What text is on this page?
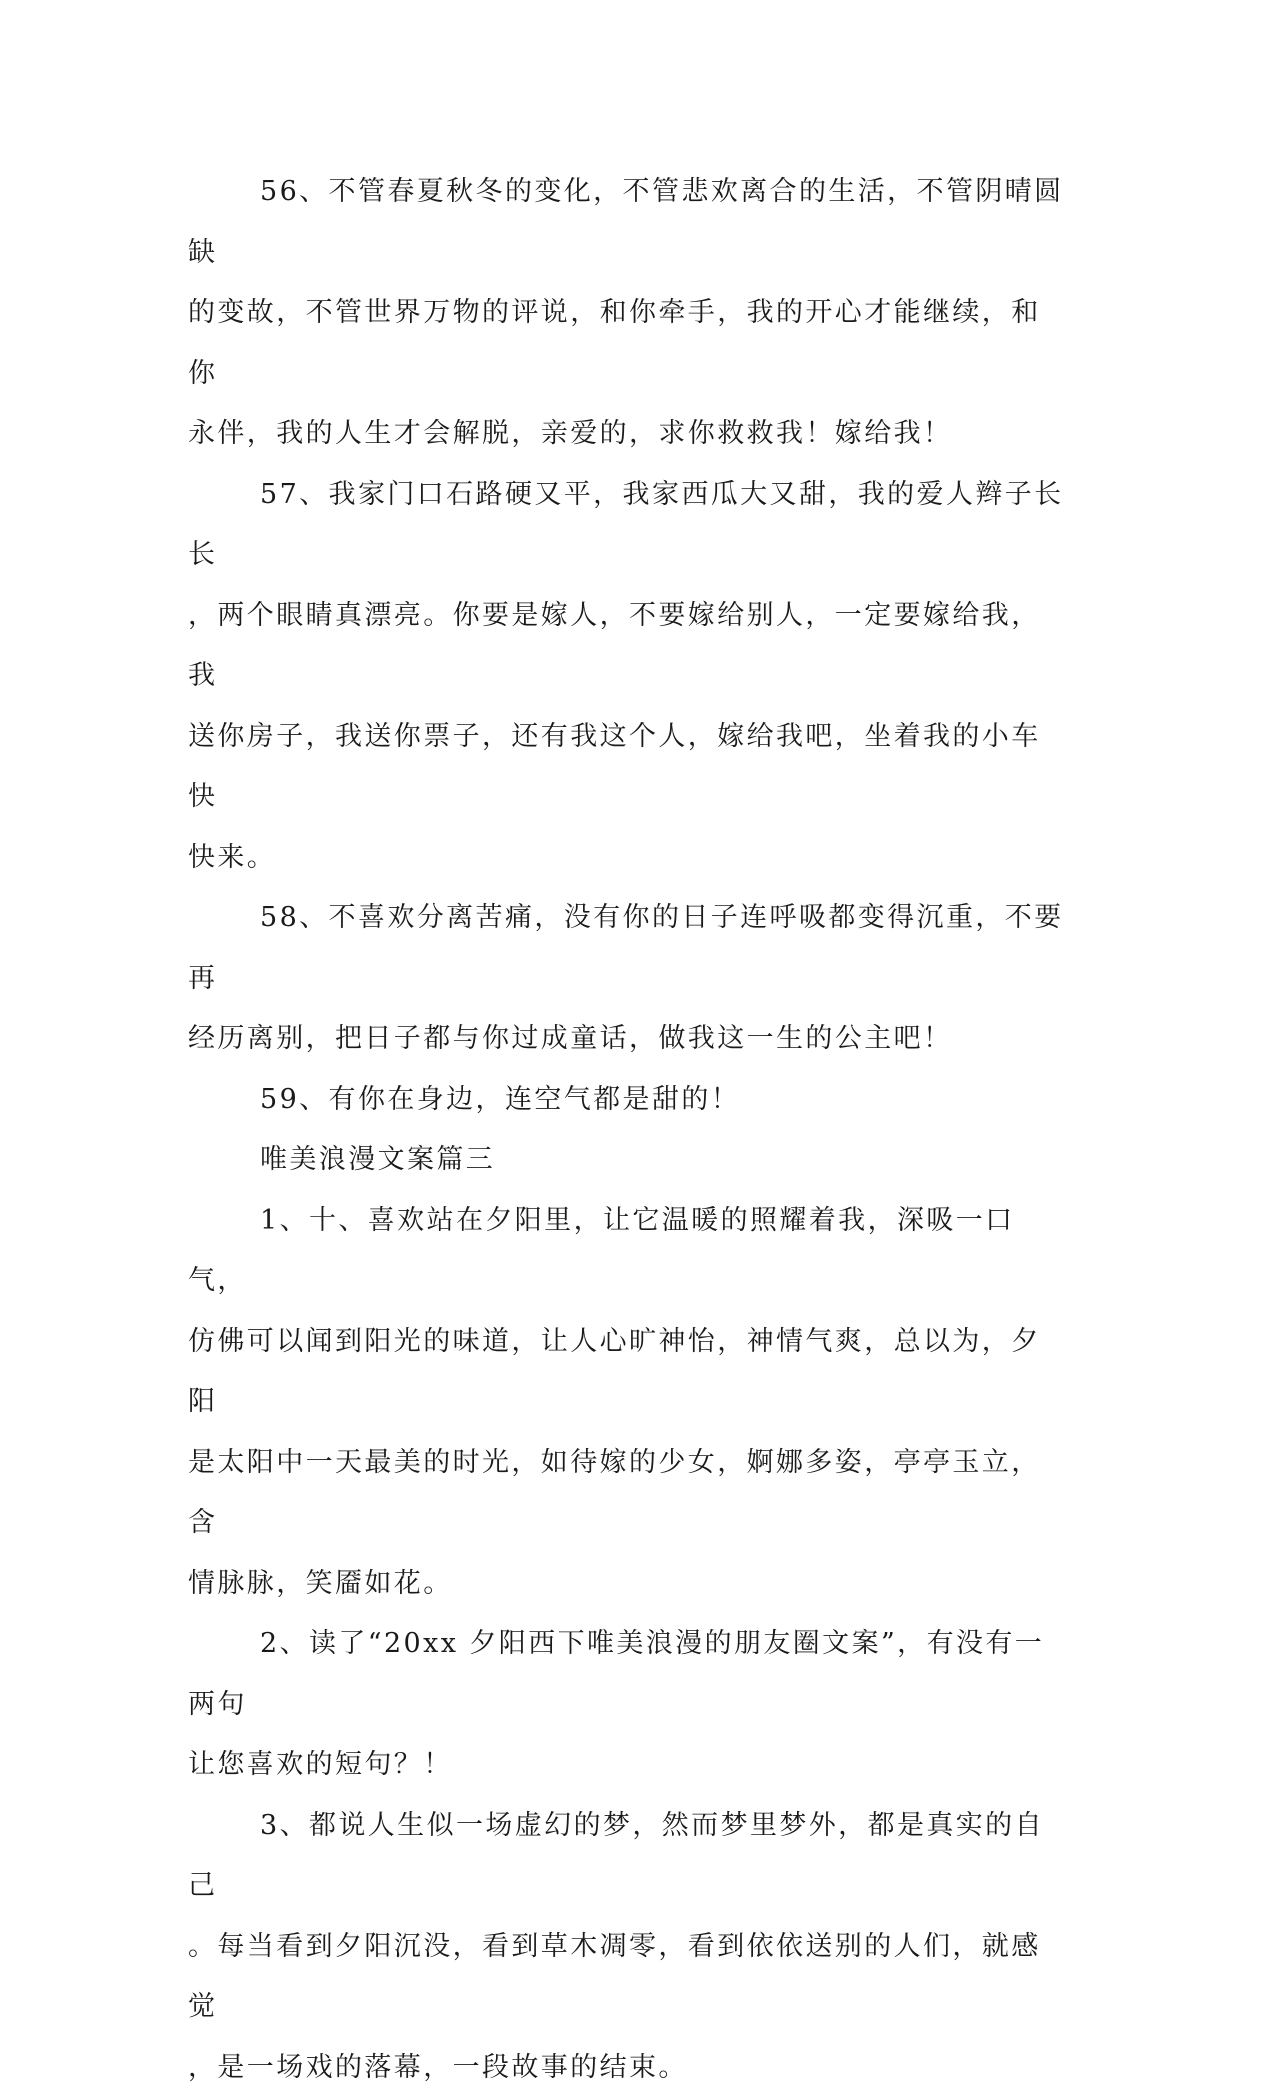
56、不管春夏秋冬的变化，不管悲欢离合的生活，不管阴晴圆缺
的变故，不管世界万物的评说，和你牵手，我的开心才能继续，和你
永伴，我的人生才会解脱，亲爱的，求你救救我！嫁给我！

57、我家门口石路硬又平，我家西瓜大又甜，我的爱人辫子长长
，两个眼睛真漂亮。你要是嫁人，不要嫁给别人，一定要嫁给我，我
送你房子，我送你票子，还有我这个人，嫁给我吧，坐着我的小车快
快来。

58、不喜欢分离苦痛，没有你的日子连呼吸都变得沉重，不要再
经历离别，把日子都与你过成童话，做我这一生的公主吧！

59、有你在身边，连空气都是甜的！

唯美浪漫文案篇三

1、十、喜欢站在夕阳里，让它温暖的照耀着我，深吸一口气，
仿佛可以闻到阳光的味道，让人心旷神怡，神情气爽，总以为，夕阳
是太阳中一天最美的时光，如待嫁的少女，婀娜多姿，亭亭玉立，含
情脉脉，笑靥如花。

2、读了“20xx 夕阳西下唯美浪漫的朋友圈文案”，有没有一两句
让您喜欢的短句？！

3、都说人生似一场虚幻的梦，然而梦里梦外，都是真实的自己
。每当看到夕阳沉没，看到草木凋零，看到依依送别的人们，就感觉
，是一场戏的落幕，一段故事的结束。
